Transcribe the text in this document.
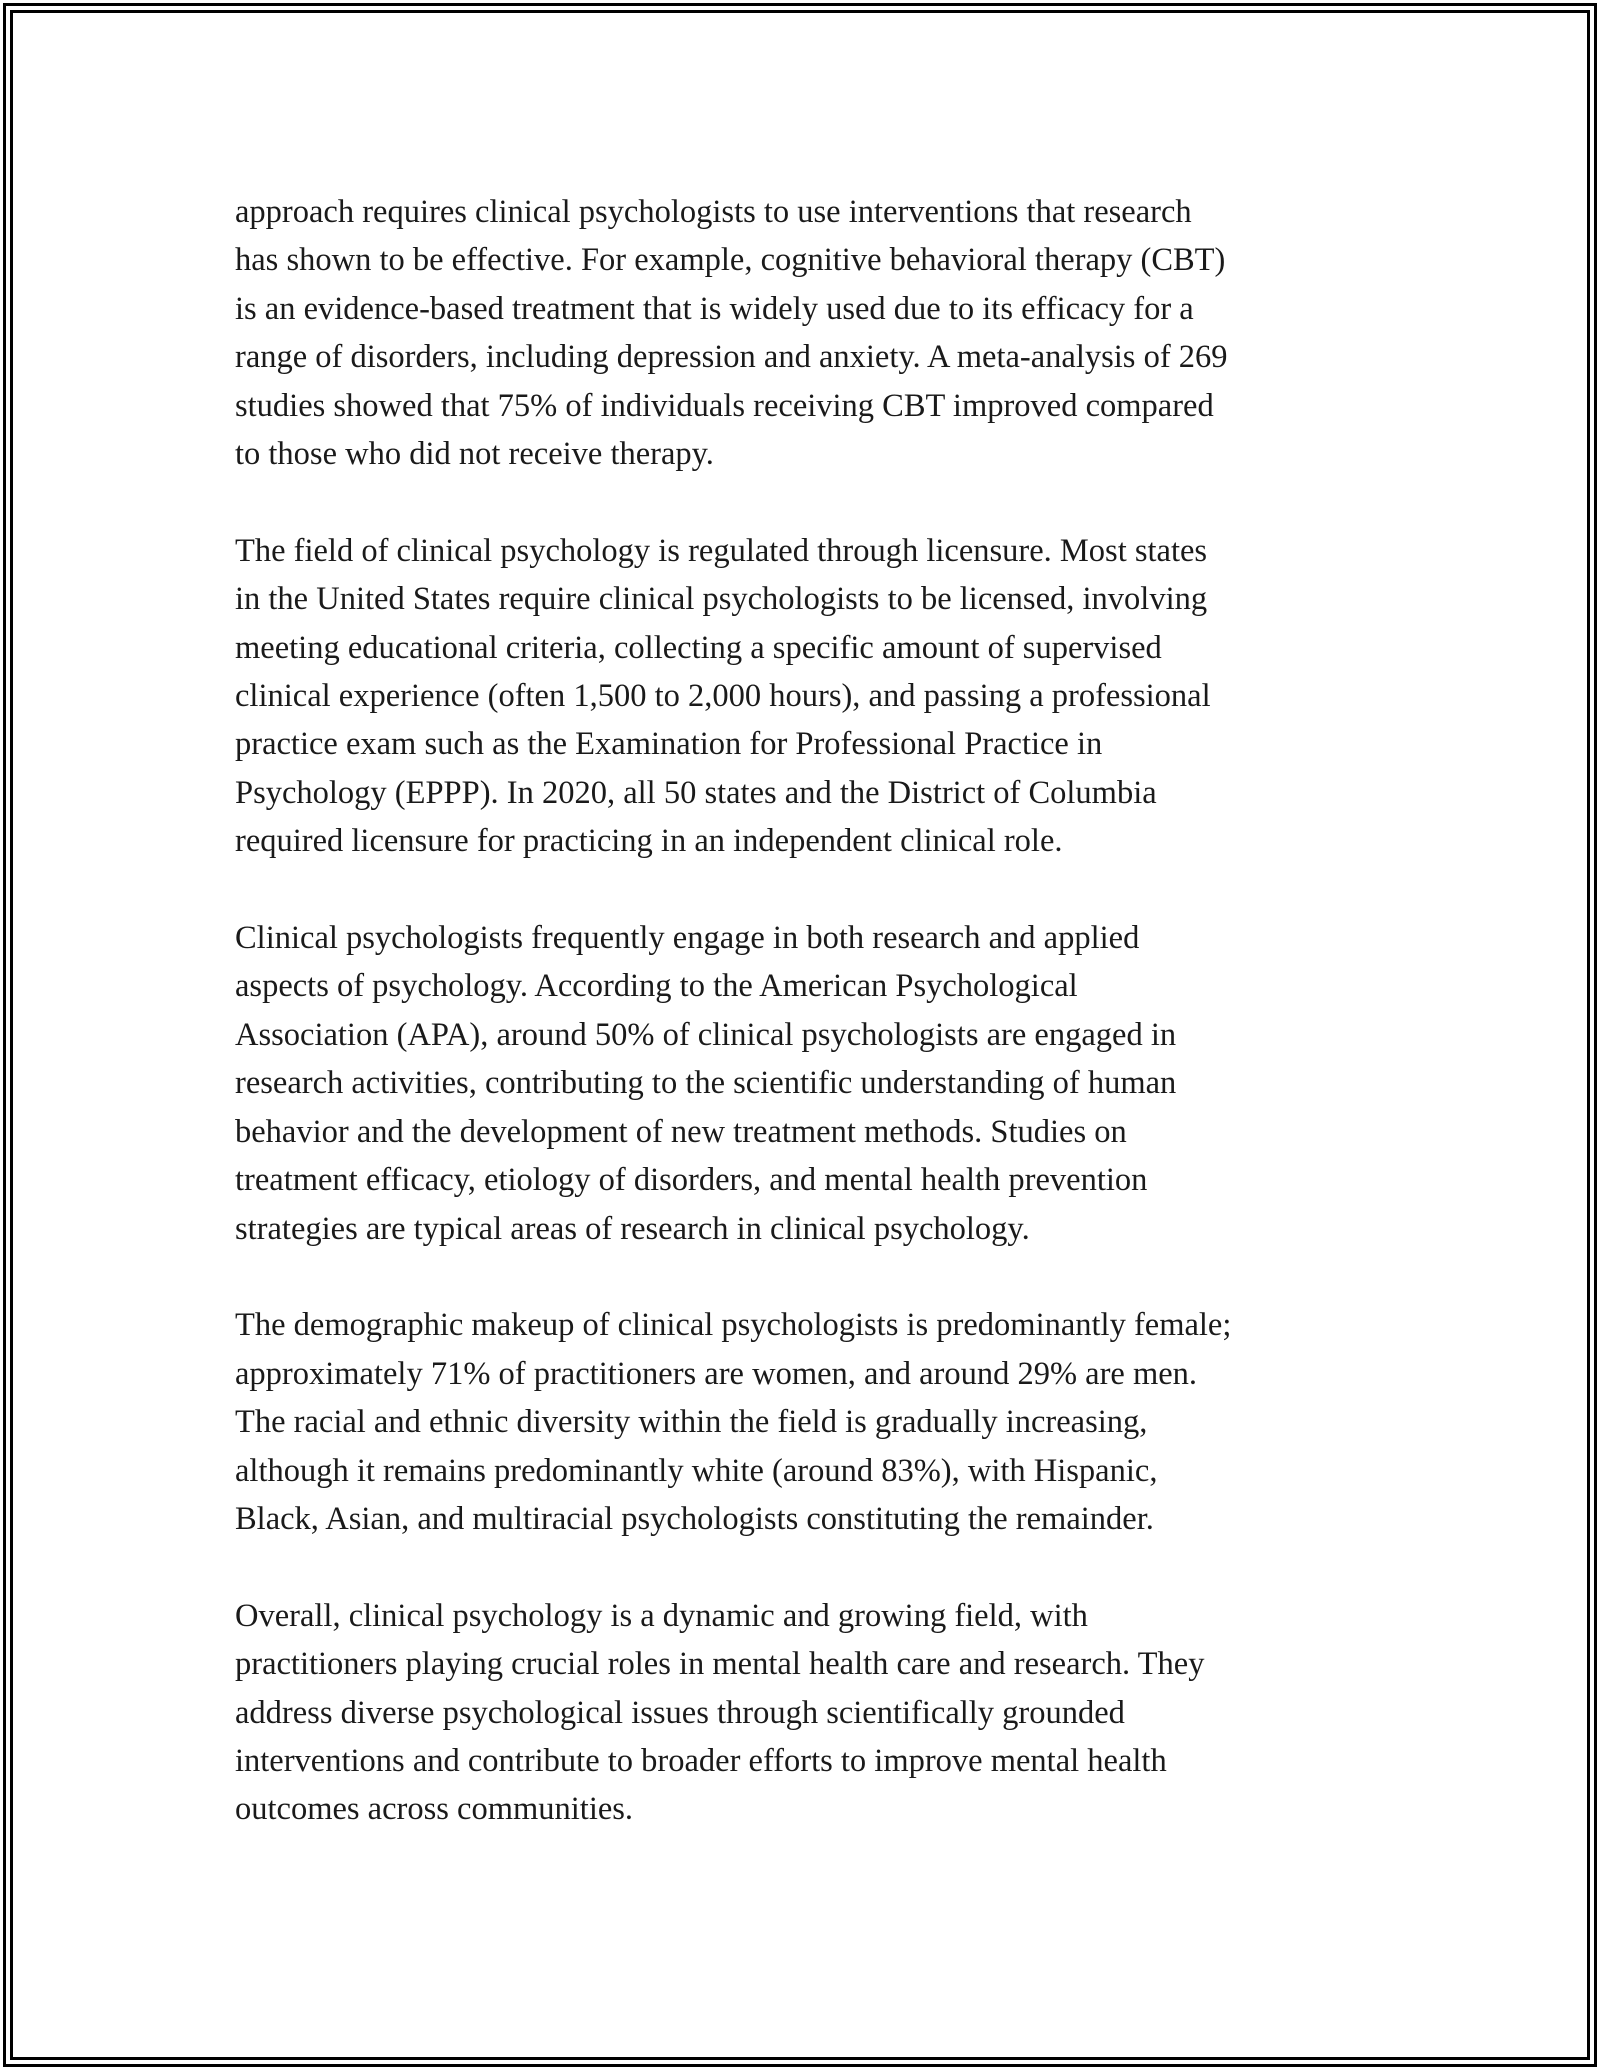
approach requires clinical psychologists to use interventions that research
has shown to be effective. For example, cognitive behavioral therapy (CBT)
is an evidence-based treatment that is widely used due to its efficacy for a
range of disorders, including depression and anxiety. A meta-analysis of 269
studies showed that 75% of individuals receiving CBT improved compared
to those who did not receive therapy.

The field of clinical psychology is regulated through licensure. Most states
in the United States require clinical psychologists to be licensed, involving
meeting educational criteria, collecting a specific amount of supervised
clinical experience (often 1,500 to 2,000 hours), and passing a professional
practice exam such as the Examination for Professional Practice in
Psychology (EPPP). In 2020, all 50 states and the District of Columbia
required licensure for practicing in an independent clinical role.

Clinical psychologists frequently engage in both research and applied
aspects of psychology. According to the American Psychological
Association (APA), around 50% of clinical psychologists are engaged in
research activities, contributing to the scientific understanding of human
behavior and the development of new treatment methods. Studies on
treatment efficacy, etiology of disorders, and mental health prevention
strategies are typical areas of research in clinical psychology.

The demographic makeup of clinical psychologists is predominantly female;
approximately 71% of practitioners are women, and around 29% are men.
The racial and ethnic diversity within the field is gradually increasing,
although it remains predominantly white (around 83%), with Hispanic,
Black, Asian, and multiracial psychologists constituting the remainder.

Overall, clinical psychology is a dynamic and growing field, with
practitioners playing crucial roles in mental health care and research. They
address diverse psychological issues through scientifically grounded
interventions and contribute to broader efforts to improve mental health
outcomes across communities.
